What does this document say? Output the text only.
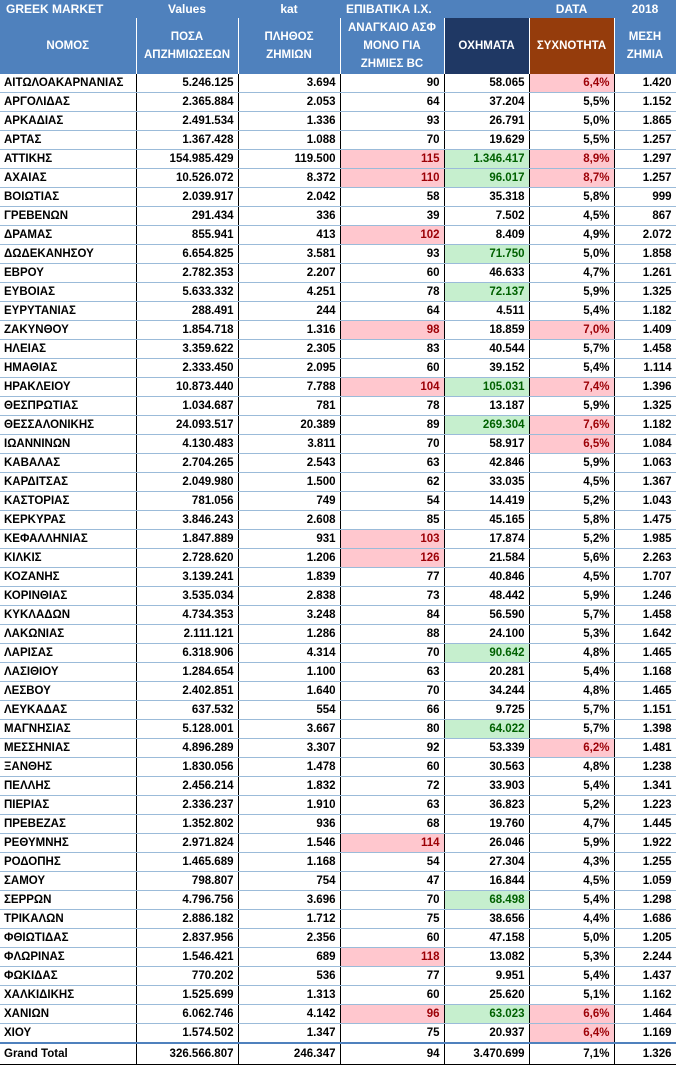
GREEK MARKET	Values	kat	ΕΠΙΒΑΤΙΚΑ Ι.Χ.		DATA	2018
ΝΟΜΟΣ	ΠΟΣΑ ΑΠΖΗΜΙΩΣΕΩΝ	ΠΛΗΘΟΣ ΖΗΜΙΩΝ	ΑΝΑΓΚΑΙΟ ΑΣΦ ΜΟΝΟ ΓΙΑ ΖΗΜΙΕΣ BC	ΟΧΗΜΑΤΑ	ΣΥΧΝΟΤΗΤΑ	ΜΕΣΗ ΖΗΜΙΑ
ΑΙΤΩΛΟΑΚΑΡΝΑΝΙΑΣ	5.246.125	3.694	90	58.065	6,4%	1.420
ΑΡΓΟΛΙΔΑΣ	2.365.884	2.053	64	37.204	5,5%	1.152
ΑΡΚΑΔΙΑΣ	2.491.534	1.336	93	26.791	5,0%	1.865
ΑΡΤΑΣ	1.367.428	1.088	70	19.629	5,5%	1.257
ΑΤΤΙΚΗΣ	154.985.429	119.500	115	1.346.417	8,9%	1.297
ΑΧΑΙΑΣ	10.526.072	8.372	110	96.017	8,7%	1.257
ΒΟΙΩΤΙΑΣ	2.039.917	2.042	58	35.318	5,8%	999
ΓΡΕΒΕΝΩΝ	291.434	336	39	7.502	4,5%	867
ΔΡΑΜΑΣ	855.941	413	102	8.409	4,9%	2.072
ΔΩΔΕΚΑΝΗΣΟΥ	6.654.825	3.581	93	71.750	5,0%	1.858
ΕΒΡΟΥ	2.782.353	2.207	60	46.633	4,7%	1.261
ΕΥΒΟΙΑΣ	5.633.332	4.251	78	72.137	5,9%	1.325
ΕΥΡΥΤΑΝΙΑΣ	288.491	244	64	4.511	5,4%	1.182
ΖΑΚΥΝΘΟΥ	1.854.718	1.316	98	18.859	7,0%	1.409
ΗΛΕΙΑΣ	3.359.622	2.305	83	40.544	5,7%	1.458
ΗΜΑΘΙΑΣ	2.333.450	2.095	60	39.152	5,4%	1.114
ΗΡΑΚΛΕΙΟΥ	10.873.440	7.788	104	105.031	7,4%	1.396
ΘΕΣΠΡΩΤΙΑΣ	1.034.687	781	78	13.187	5,9%	1.325
ΘΕΣΣΑΛΟΝΙΚΗΣ	24.093.517	20.389	89	269.304	7,6%	1.182
ΙΩΑΝΝΙΝΩΝ	4.130.483	3.811	70	58.917	6,5%	1.084
ΚΑΒΑΛΑΣ	2.704.265	2.543	63	42.846	5,9%	1.063
ΚΑΡΔΙΤΣΑΣ	2.049.980	1.500	62	33.035	4,5%	1.367
ΚΑΣΤΟΡΙΑΣ	781.056	749	54	14.419	5,2%	1.043
ΚΕΡΚΥΡΑΣ	3.846.243	2.608	85	45.165	5,8%	1.475
ΚΕΦΑΛΛΗΝΙΑΣ	1.847.889	931	103	17.874	5,2%	1.985
ΚΙΛΚΙΣ	2.728.620	1.206	126	21.584	5,6%	2.263
ΚΟΖΑΝΗΣ	3.139.241	1.839	77	40.846	4,5%	1.707
ΚΟΡΙΝΘΙΑΣ	3.535.034	2.838	73	48.442	5,9%	1.246
ΚΥΚΛΑΔΩΝ	4.734.353	3.248	84	56.590	5,7%	1.458
ΛΑΚΩΝΙΑΣ	2.111.121	1.286	88	24.100	5,3%	1.642
ΛΑΡΙΣΑΣ	6.318.906	4.314	70	90.642	4,8%	1.465
ΛΑΣΙΘΙΟΥ	1.284.654	1.100	63	20.281	5,4%	1.168
ΛΕΣΒΟΥ	2.402.851	1.640	70	34.244	4,8%	1.465
ΛΕΥΚΑΔΑΣ	637.532	554	66	9.725	5,7%	1.151
ΜΑΓΝΗΣΙΑΣ	5.128.001	3.667	80	64.022	5,7%	1.398
ΜΕΣΣΗΝΙΑΣ	4.896.289	3.307	92	53.339	6,2%	1.481
ΞΑΝΘΗΣ	1.830.056	1.478	60	30.563	4,8%	1.238
ΠΕΛΛΗΣ	2.456.214	1.832	72	33.903	5,4%	1.341
ΠΙΕΡΙΑΣ	2.336.237	1.910	63	36.823	5,2%	1.223
ΠΡΕΒΕΖΑΣ	1.352.802	936	68	19.760	4,7%	1.445
ΡΕΘΥΜΝΗΣ	2.971.824	1.546	114	26.046	5,9%	1.922
ΡΟΔΟΠΗΣ	1.465.689	1.168	54	27.304	4,3%	1.255
ΣΑΜΟΥ	798.807	754	47	16.844	4,5%	1.059
ΣΕΡΡΩΝ	4.796.756	3.696	70	68.498	5,4%	1.298
ΤΡΙΚΑΛΩΝ	2.886.182	1.712	75	38.656	4,4%	1.686
ΦΘΙΩΤΙΔΑΣ	2.837.956	2.356	60	47.158	5,0%	1.205
ΦΛΩΡΙΝΑΣ	1.546.421	689	118	13.082	5,3%	2.244
ΦΩΚΙΔΑΣ	770.202	536	77	9.951	5,4%	1.437
ΧΑΛΚΙΔΙΚΗΣ	1.525.699	1.313	60	25.620	5,1%	1.162
ΧΑΝΙΩΝ	6.062.746	4.142	96	63.023	6,6%	1.464
ΧΙΟΥ	1.574.502	1.347	75	20.937	6,4%	1.169
Grand Total	326.566.807	246.347	94	3.470.699	7,1%	1.326
